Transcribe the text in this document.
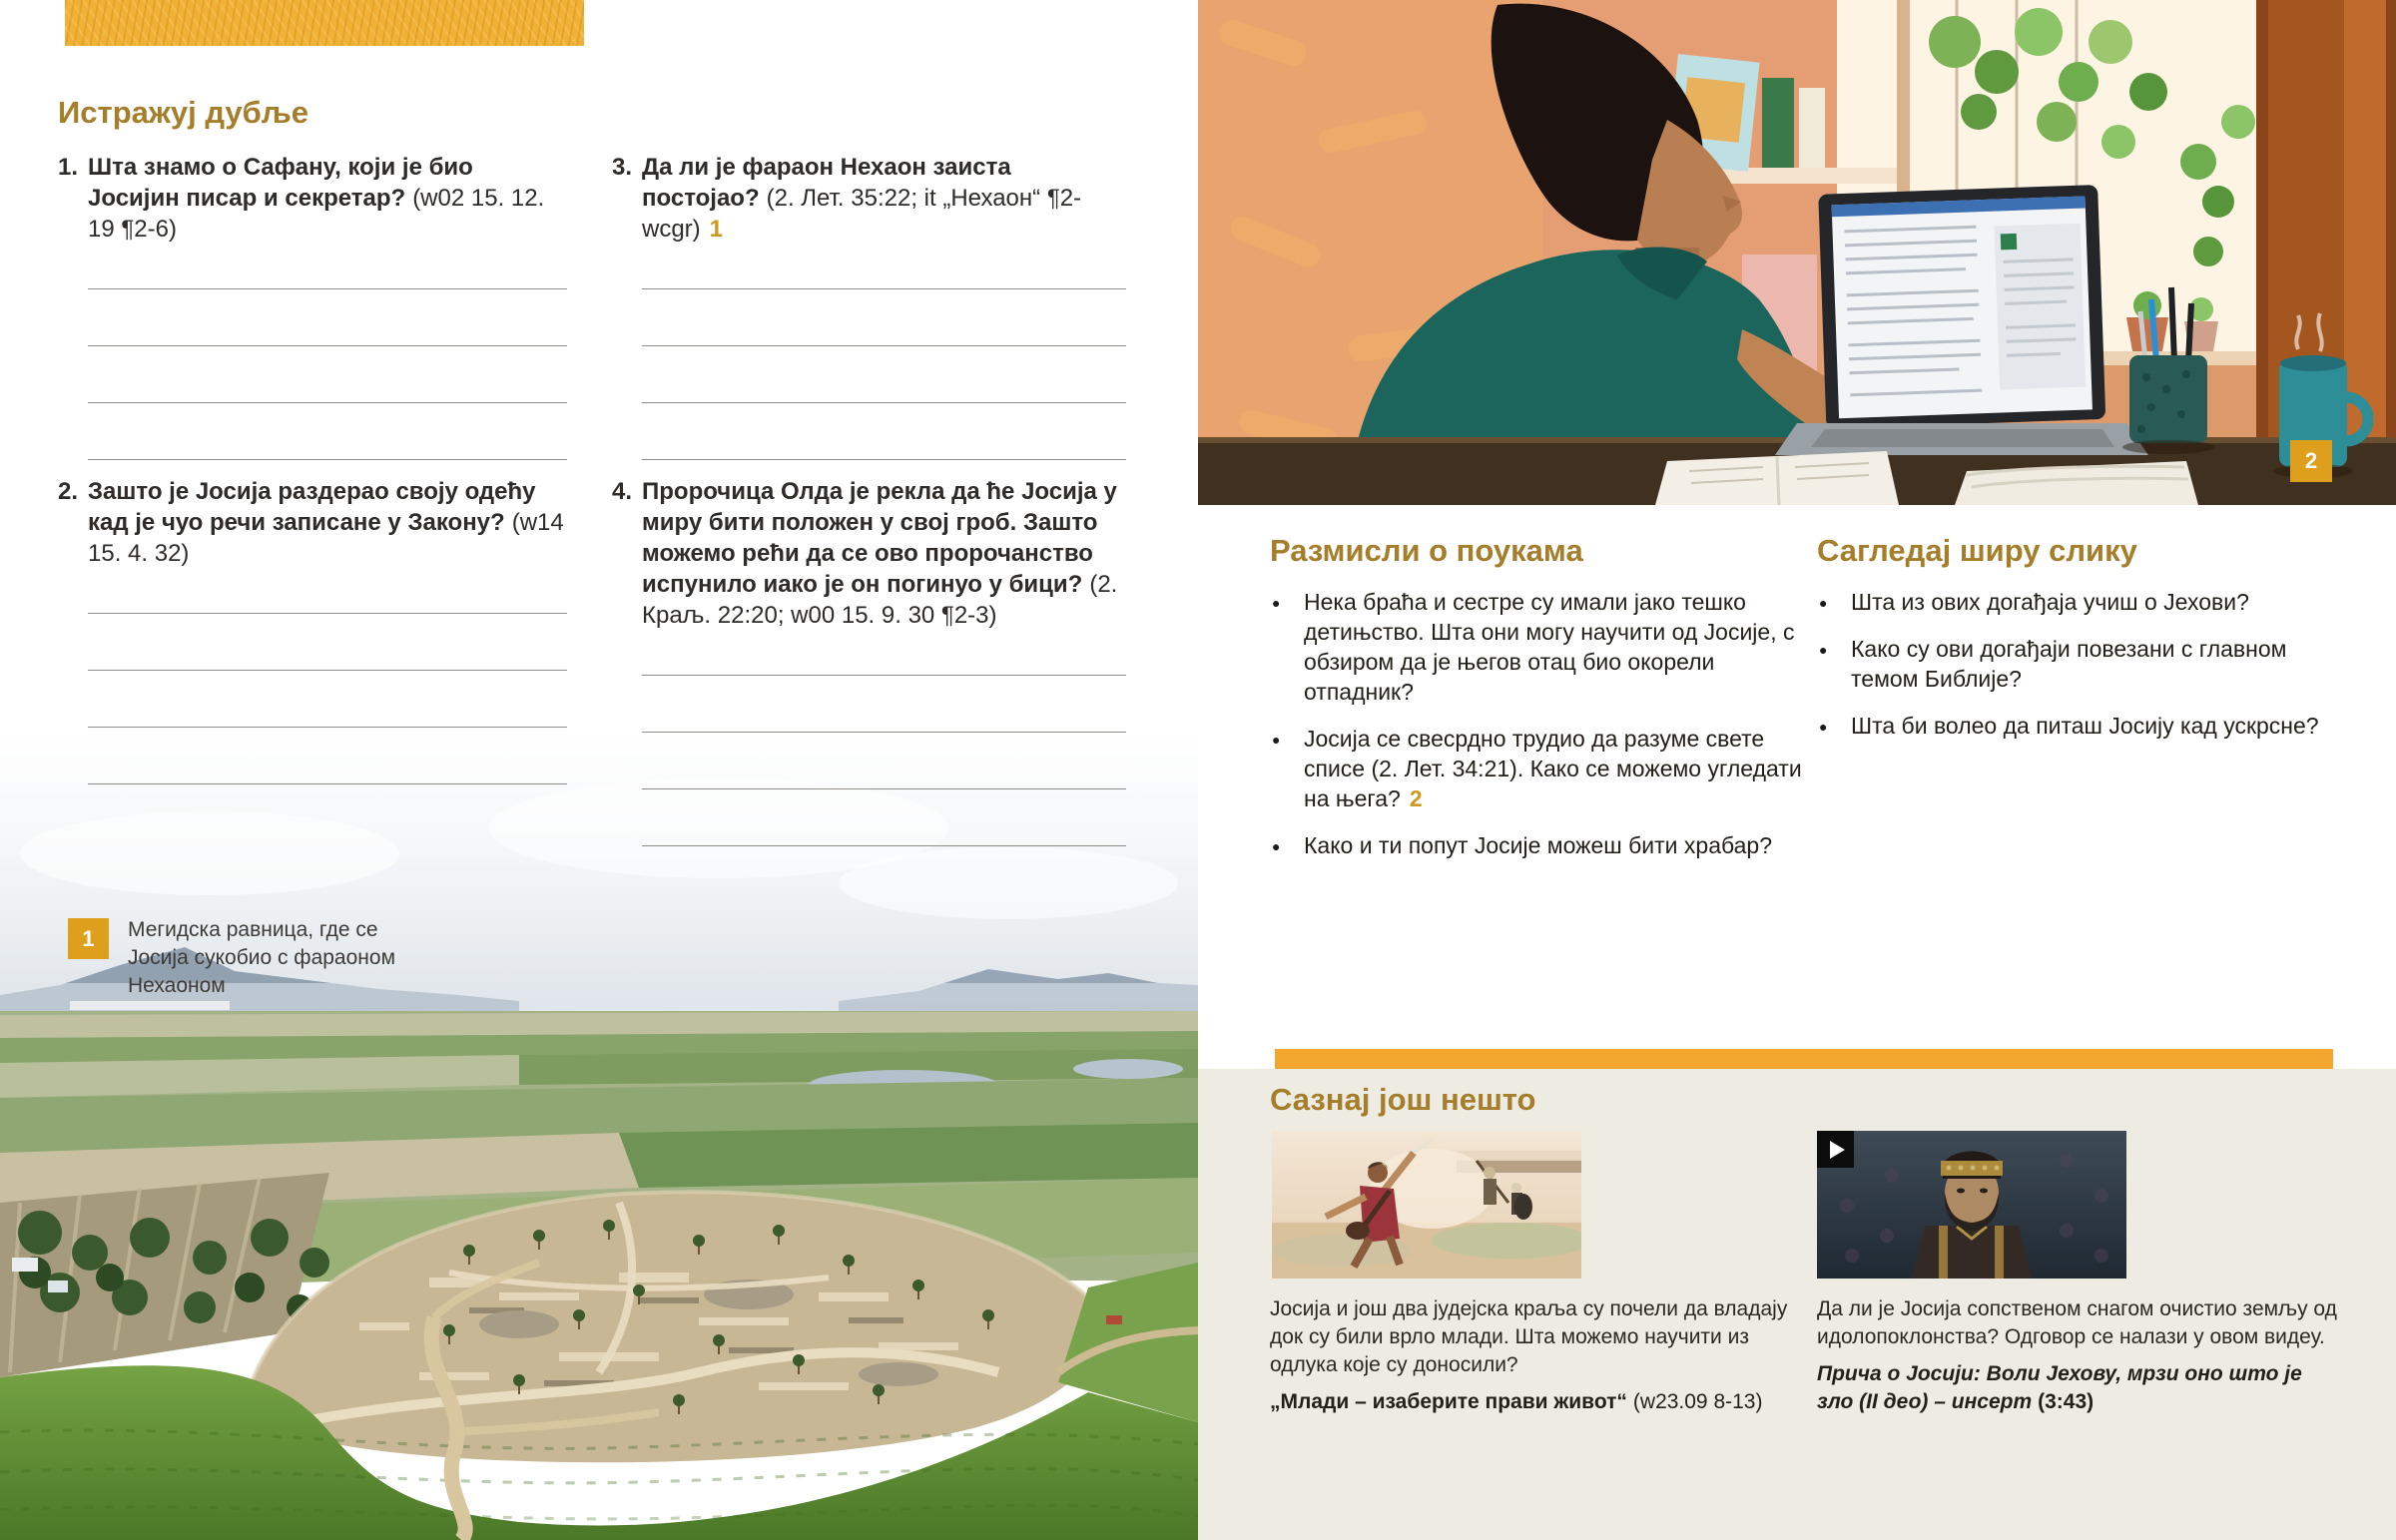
Истражуј дубље
1. Шта знамо о Сафану, који је био Јосијин писар и секретар? (w02 15. 12. 19 ¶2-6)
2. Зашто је Јосија раздерао своју одећу кад је чуо речи записане у Закону? (w14 15. 4. 32)
3. Да ли је фараон Нехаон заиста постојао? (2. Лет. 35:22; it „Нехаон“ ¶2-wcgr) 1
4. Пророчица Олда је рекла да ће Јосија у миру бити положен у свој гроб. Зашто можемо рећи да се ово пророчанство испунило иако је он погинуо у бици? (2. Краљ. 22:20; w00 15. 9. 30 ¶2-3)
1	Мегидска равница, где се Јосија сукобио с фараоном Нехаоном
2
Размисли о поукама
● Нека браћа и сестре су имали јако тешко детињство. Шта они могу научити од Јосије, с обзиром да је његов отац био окорели отпадник?
● Јосија се свесрдно трудио да разуме свете списе (2. Лет. 34:21). Како се можемо угледати на њега? 2
● Како и ти попут Јосије можеш бити храбар?
Сагледај ширу слику
● Шта из ових догађаја учиш о Јехови?
● Како су ови догађаји повезани с главном темом Библије?
● Шта би волео да питаш Јосију кад ускрсне?
Сазнај још нешто
Јосија и још два јудејска краља су почели да владају док су били врло млади. Шта можемо научити из одлука које су доносили?
„Млади – изаберите прави живот“ (w23.09 8-13)
Да ли је Јосија сопственом снагом очистио земљу од идолопоклонства? Одговор се налази у овом видеу.
Прича о Јосији: Воли Јехову, мрзи оно што је зло (II део) – инсерт (3:43)
